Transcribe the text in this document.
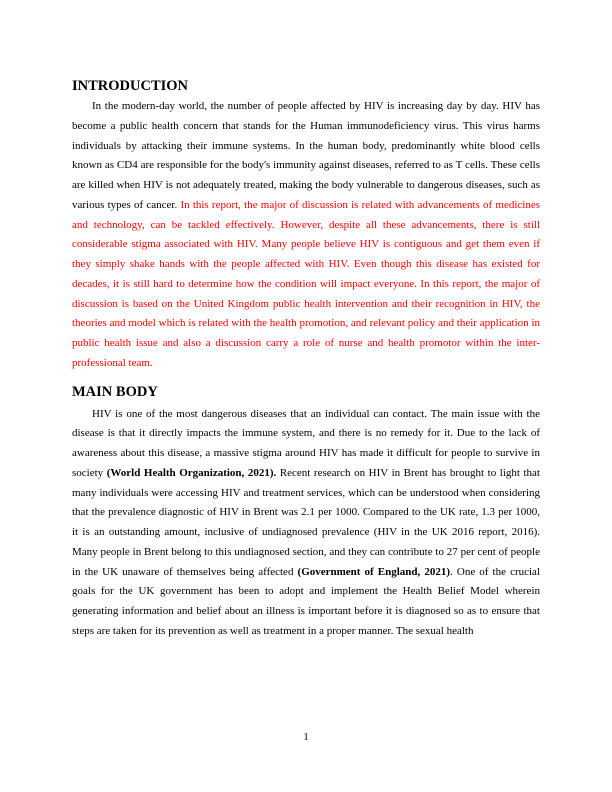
INTRODUCTION

In the modern-day world, the number of people affected by HIV is increasing day by day. HIV has become a public health concern that stands for the Human immunodeficiency virus. This virus harms individuals by attacking their immune systems. In the human body, predominantly white blood cells known as CD4 are responsible for the body's immunity against diseases, referred to as T cells. These cells are killed when HIV is not adequately treated, making the body vulnerable to dangerous diseases, such as various types of cancer. In this report, the major of discussion is related with advancements of medicines and technology, can be tackled effectively. However, despite all these advancements, there is still considerable stigma associated with HIV. Many people believe HIV is contiguous and get them even if they simply shake hands with the people affected with HIV. Even though this disease has existed for decades, it is still hard to determine how the condition will impact everyone. In this report, the major of discussion is based on the United Kingdom public health intervention and their recognition in HIV, the theories and model which is related with the health promotion, and relevant policy and their application in public health issue and also a discussion carry a role of nurse and health promotor within the inter-professional team.

MAIN BODY

HIV is one of the most dangerous diseases that an individual can contact. The main issue with the disease is that it directly impacts the immune system, and there is no remedy for it. Due to the lack of awareness about this disease, a massive stigma around HIV has made it difficult for people to survive in society (World Health Organization, 2021). Recent research on HIV in Brent has brought to light that many individuals were accessing HIV and treatment services, which can be understood when considering that the prevalence diagnostic of HIV in Brent was 2.1 per 1000. Compared to the UK rate, 1.3 per 1000, it is an outstanding amount, inclusive of undiagnosed prevalence (HIV in the UK 2016 report, 2016). Many people in Brent belong to this undiagnosed section, and they can contribute to 27 per cent of people in the UK unaware of themselves being affected (Government of England, 2021). One of the crucial goals for the UK government has been to adopt and implement the Health Belief Model wherein generating information and belief about an illness is important before it is diagnosed so as to ensure that steps are taken for its prevention as well as treatment in a proper manner. The sexual health

1
